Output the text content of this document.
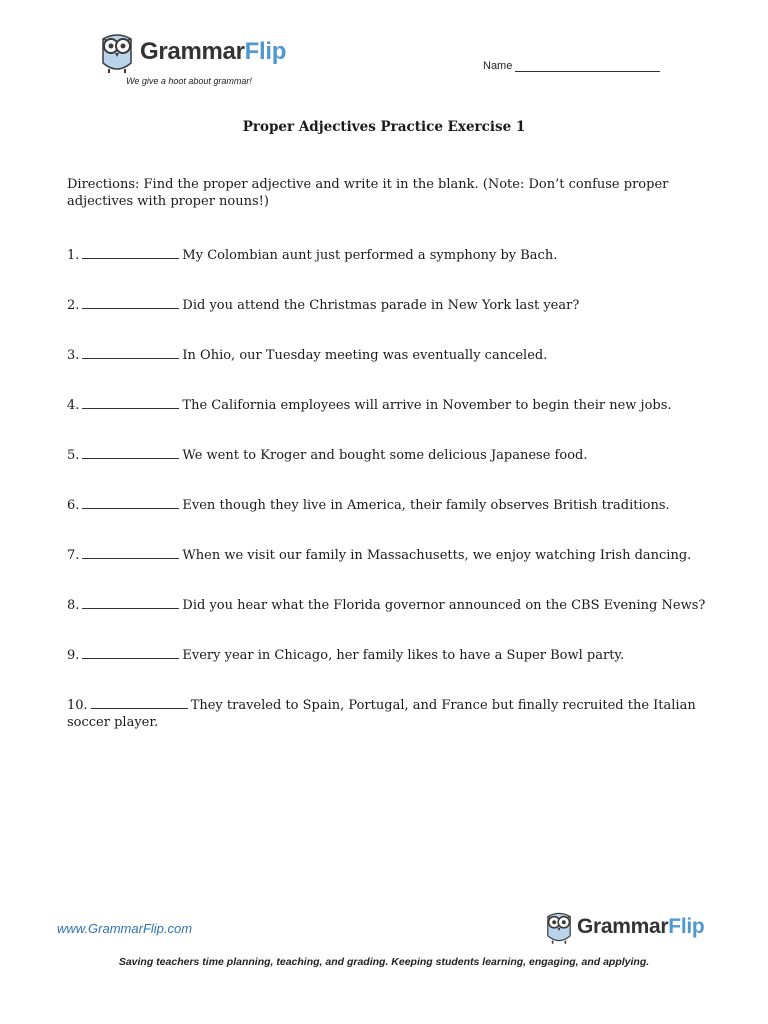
GrammarFlip
We give a hoot about grammar!
Name
Proper Adjectives Practice Exercise 1
Directions: Find the proper adjective and write it in the blank. (Note: Don’t confuse proper adjectives with proper nouns!)
1.	My Colombian aunt just performed a symphony by Bach.
2.	Did you attend the Christmas parade in New York last year?
3.	In Ohio, our Tuesday meeting was eventually canceled.
4.	The California employees will arrive in November to begin their new jobs.
5.	We went to Kroger and bought some delicious Japanese food.
6.	Even though they live in America, their family observes British traditions.
7.	When we visit our family in Massachusetts, we enjoy watching Irish dancing.
8.	Did you hear what the Florida governor announced on the CBS Evening News?
9.	Every year in Chicago, her family likes to have a Super Bowl party.
10.	They traveled to Spain, Portugal, and France but finally recruited the Italian soccer player.
www.GrammarFlip.com	GrammarFlip
Saving teachers time planning, teaching, and grading. Keeping students learning, engaging, and applying.
